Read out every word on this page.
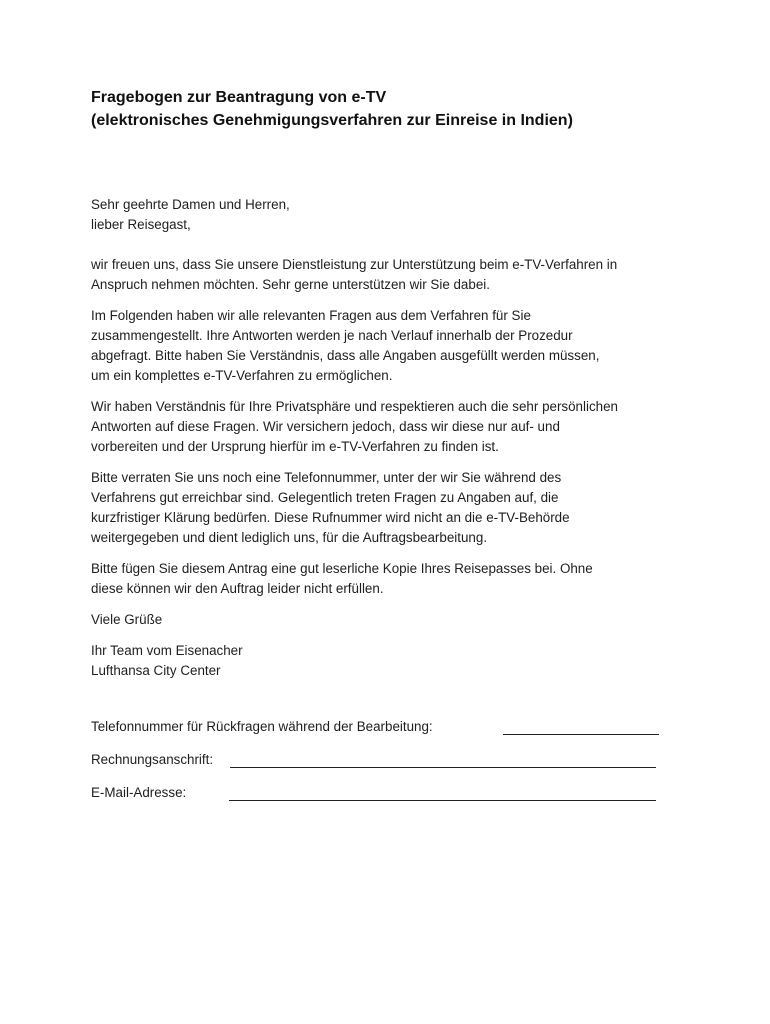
Fragebogen zur Beantragung von e-TV
(elektronisches Genehmigungsverfahren zur Einreise in Indien)

Sehr geehrte Damen und Herren,
lieber Reisegast,

wir freuen uns, dass Sie unsere Dienstleistung zur Unterstützung beim e-TV-Verfahren in
Anspruch nehmen möchten. Sehr gerne unterstützen wir Sie dabei.

Im Folgenden haben wir alle relevanten Fragen aus dem Verfahren für Sie
zusammengestellt. Ihre Antworten werden je nach Verlauf innerhalb der Prozedur
abgefragt. Bitte haben Sie Verständnis, dass alle Angaben ausgefüllt werden müssen,
um ein komplettes e-TV-Verfahren zu ermöglichen.

Wir haben Verständnis für Ihre Privatsphäre und respektieren auch die sehr persönlichen
Antworten auf diese Fragen. Wir versichern jedoch, dass wir diese nur auf- und
vorbereiten und der Ursprung hierfür im e-TV-Verfahren zu finden ist.

Bitte verraten Sie uns noch eine Telefonnummer, unter der wir Sie während des
Verfahrens gut erreichbar sind. Gelegentlich treten Fragen zu Angaben auf, die
kurzfristiger Klärung bedürfen. Diese Rufnummer wird nicht an die e-TV-Behörde
weitergegeben und dient lediglich uns, für die Auftragsbearbeitung.

Bitte fügen Sie diesem Antrag eine gut leserliche Kopie Ihres Reisepasses bei. Ohne
diese können wir den Auftrag leider nicht erfüllen.

Viele Grüße

Ihr Team vom Eisenacher
Lufthansa City Center

Telefonnummer für Rückfragen während der Bearbeitung:
Rechnungsanschrift:
E-Mail-Adresse:
